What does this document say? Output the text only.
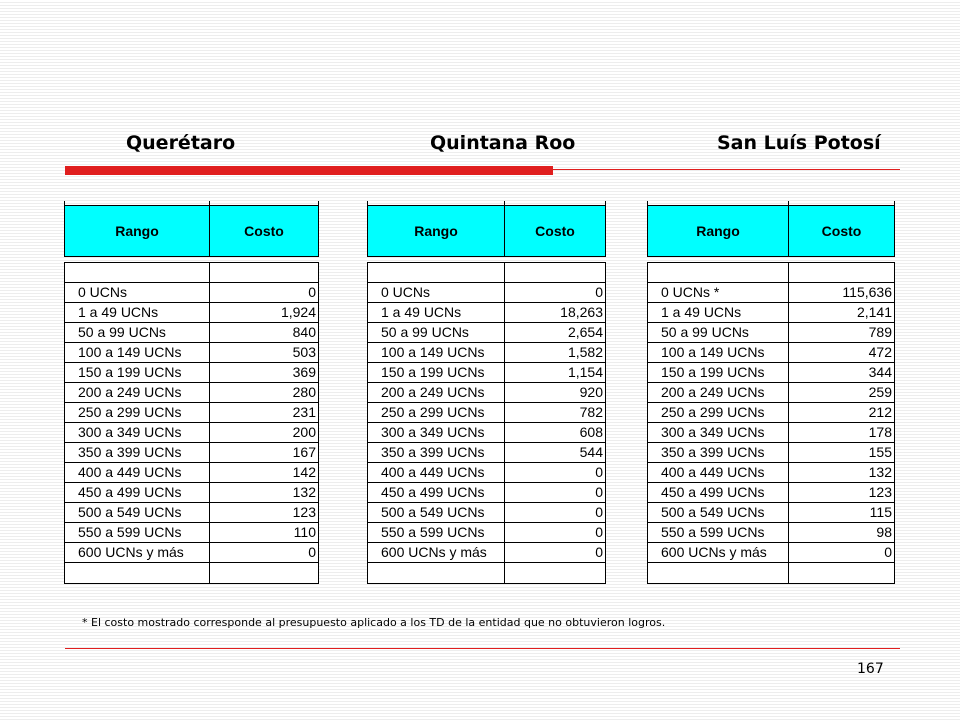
Querétaro	Quintana Roo	San Luís Potosí
Rango	Costo
0 UCNs	0
1 a 49 UCNs	1,924
50 a 99 UCNs	840
100 a 149 UCNs	503
150 a 199 UCNs	369
200 a 249 UCNs	280
250 a 299 UCNs	231
300 a 349 UCNs	200
350 a 399 UCNs	167
400 a 449 UCNs	142
450 a 499 UCNs	132
500 a 549 UCNs	123
550 a 599 UCNs	110
600 UCNs y más	0
Rango	Costo
0 UCNs	0
1 a 49 UCNs	18,263
50 a 99 UCNs	2,654
100 a 149 UCNs	1,582
150 a 199 UCNs	1,154
200 a 249 UCNs	920
250 a 299 UCNs	782
300 a 349 UCNs	608
350 a 399 UCNs	544
400 a 449 UCNs	0
450 a 499 UCNs	0
500 a 549 UCNs	0
550 a 599 UCNs	0
600 UCNs y más	0
Rango	Costo
0 UCNs *	115,636
1 a 49 UCNs	2,141
50 a 99 UCNs	789
100 a 149 UCNs	472
150 a 199 UCNs	344
200 a 249 UCNs	259
250 a 299 UCNs	212
300 a 349 UCNs	178
350 a 399 UCNs	155
400 a 449 UCNs	132
450 a 499 UCNs	123
500 a 549 UCNs	115
550 a 599 UCNs	98
600 UCNs y más	0
* El costo mostrado corresponde al presupuesto aplicado a los TD de la entidad que no obtuvieron logros.
167
